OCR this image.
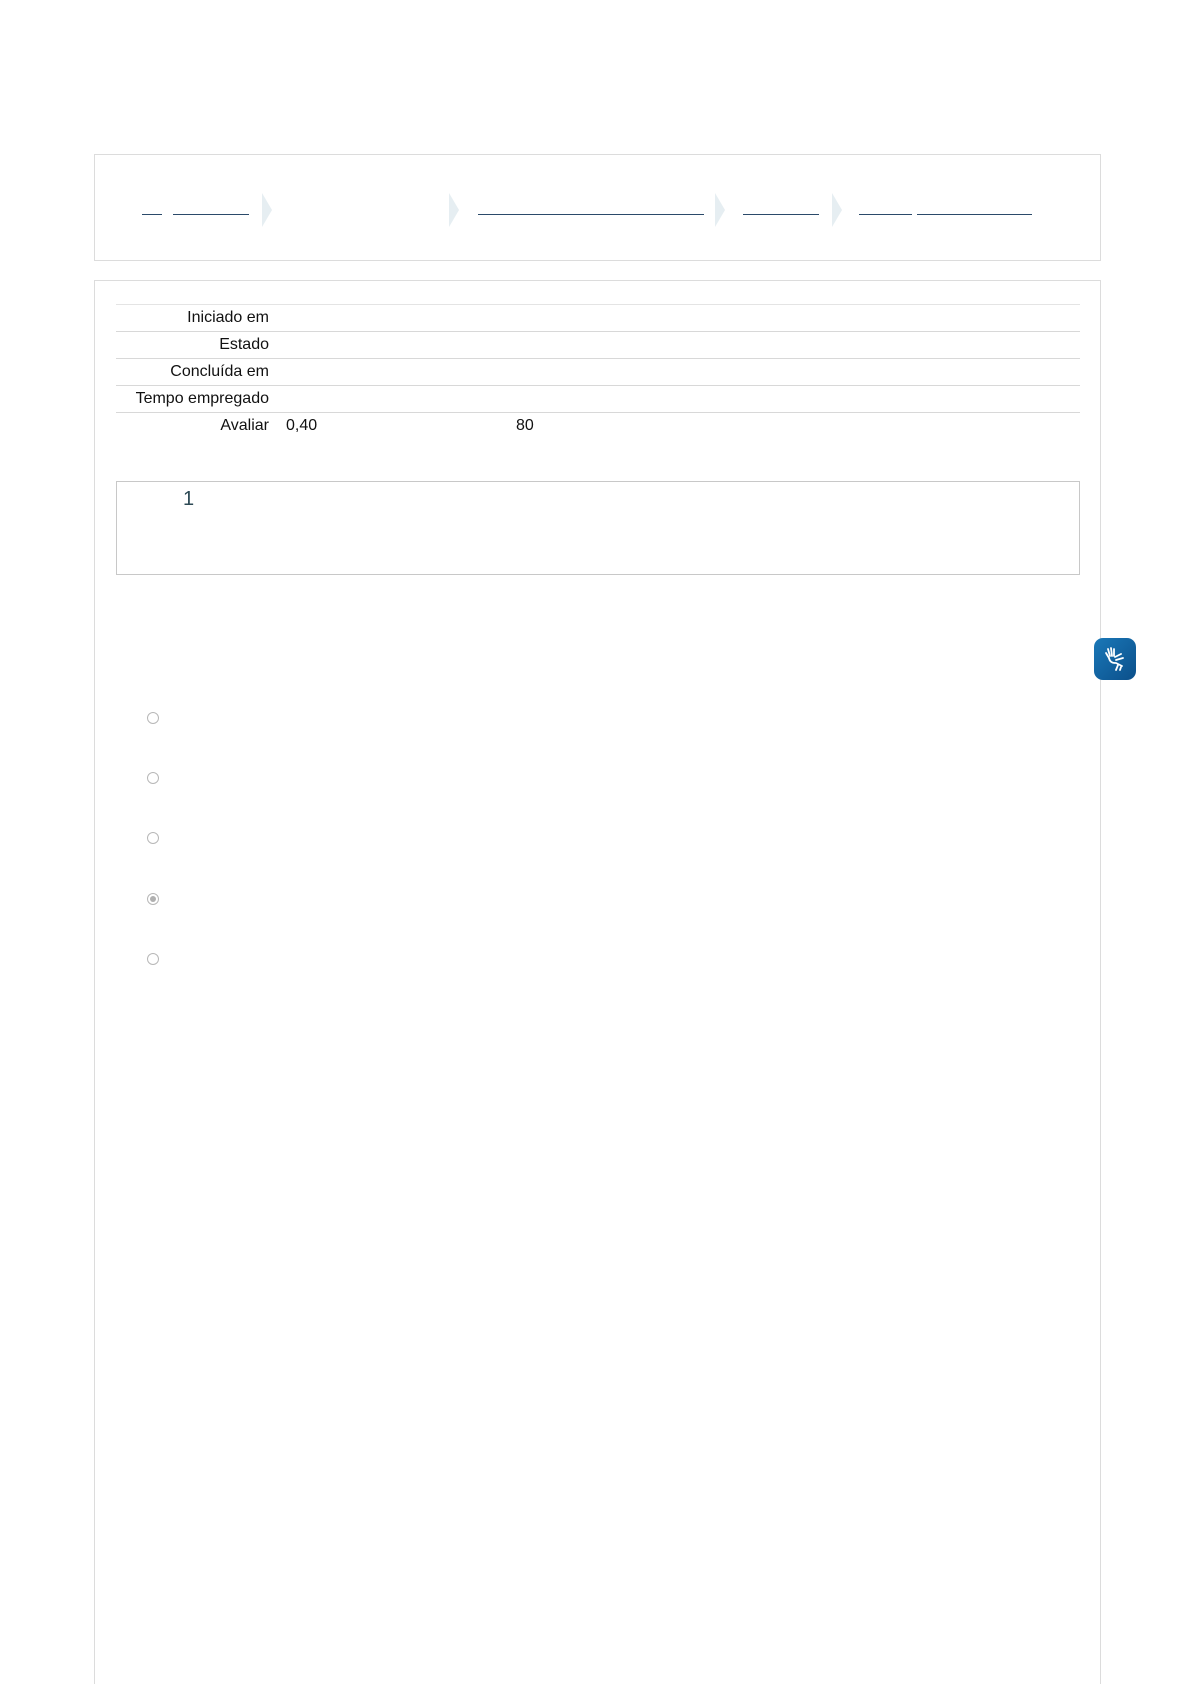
Iniciado em
Estado
Concluída em
Tempo empregado
Avaliar	0,40	80
1
